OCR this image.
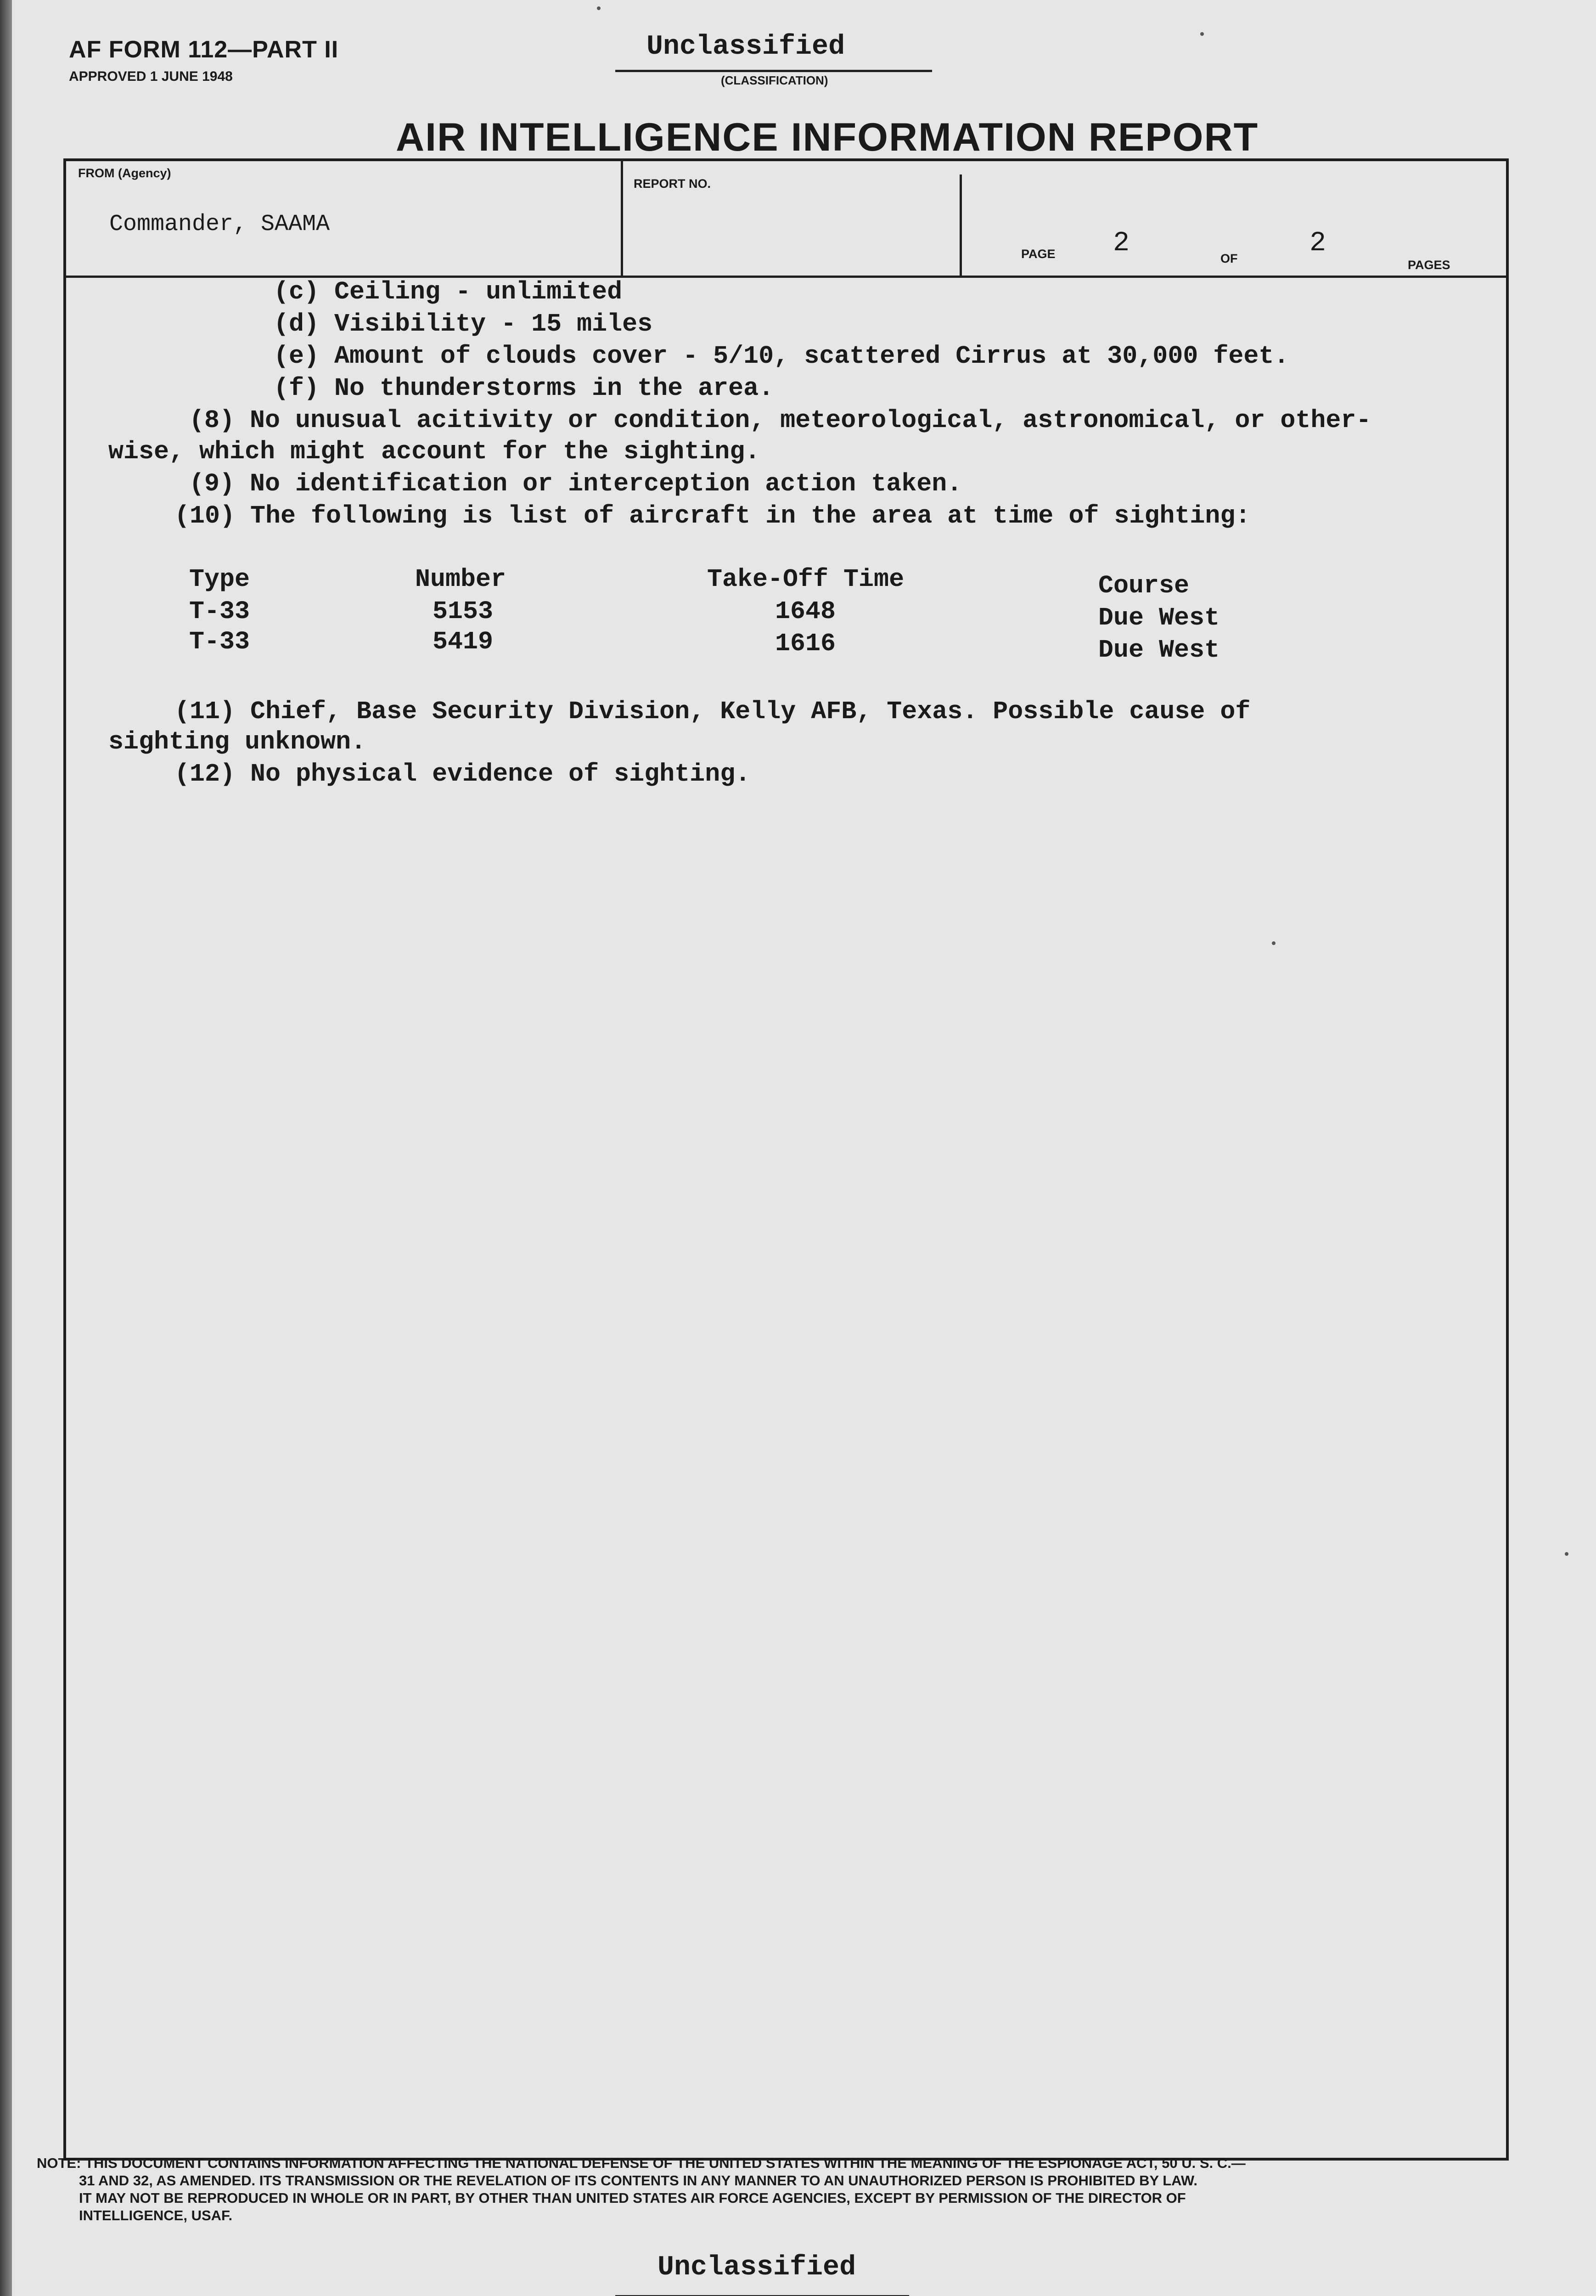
AF FORM 112—PART II
APPROVED 1 JUNE 1948
Unclassified
(CLASSIFICATION)
AIR INTELLIGENCE INFORMATION REPORT
FROM (Agency)
Commander, SAAMA
REPORT NO.
PAGE 2	OF	2
PAGES
(c) Ceiling - unlimited
(d) Visibility - 15 miles
(e) Amount of clouds cover - 5/10, scattered Cirrus at 30,000 feet.
(f) No thunderstorms in the area.
(8) No unusual acitivity or condition, meteorological, astronomical, or other-
wise, which might account for the sighting.
(9) No identification or interception action taken.
(10) The following is list of aircraft in the area at time of sighting:
Type	Number	Take-Off Time	Course
T-33	5153	1648	Due West
T-33	5419	1616	Due West
(11) Chief, Base Security Division, Kelly AFB, Texas. Possible cause of
sighting unknown.
(12) No physical evidence of sighting.
NOTE: THIS DOCUMENT CONTAINS INFORMATION AFFECTING THE NATIONAL DEFENSE OF THE UNITED STATES WITHIN THE MEANING OF THE ESPIONAGE ACT, 50 U. S. C.—
31 AND 32, AS AMENDED. ITS TRANSMISSION OR THE REVELATION OF ITS CONTENTS IN ANY MANNER TO AN UNAUTHORIZED PERSON IS PROHIBITED BY LAW.
IT MAY NOT BE REPRODUCED IN WHOLE OR IN PART, BY OTHER THAN UNITED STATES AIR FORCE AGENCIES, EXCEPT BY PERMISSION OF THE DIRECTOR OF
INTELLIGENCE, USAF.
Unclassified
